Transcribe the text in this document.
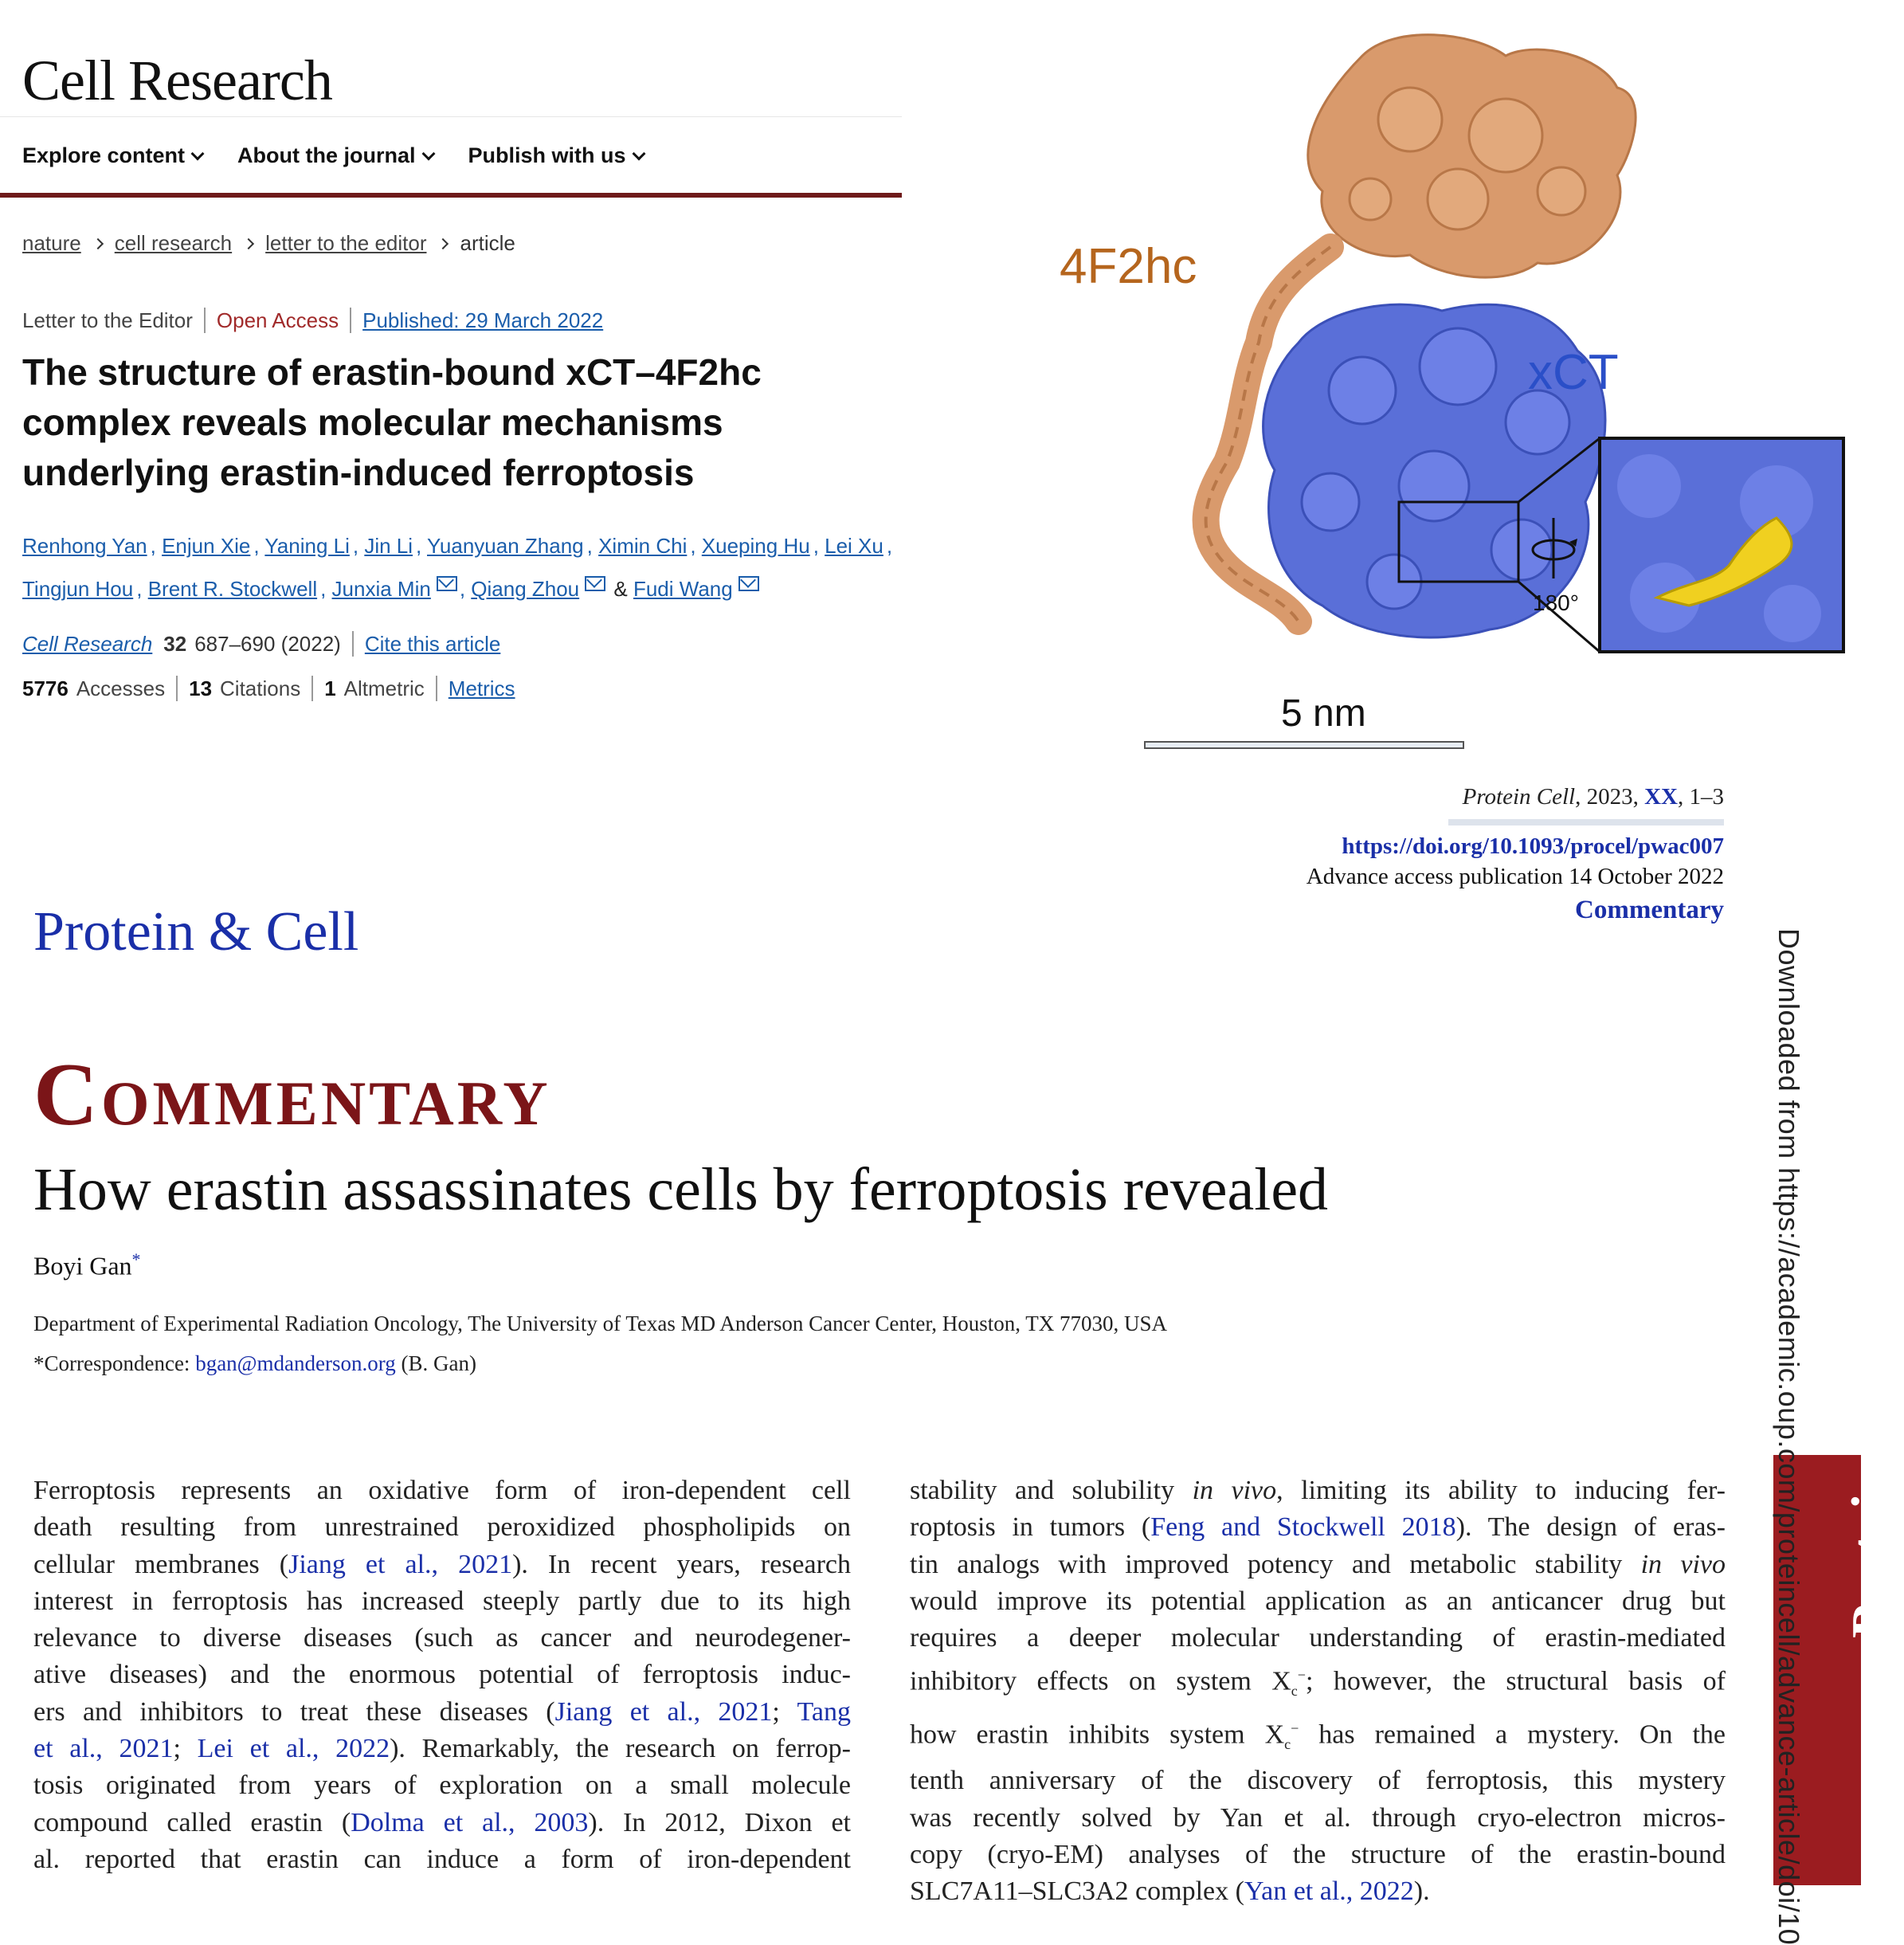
Cell Research
Explore content About the journal Publish with us
nature cell research letter to the editor article
Letter to the Editor Open Access Published: 29 March 2022
The structure of erastin-bound xCT–4F2hc
complex reveals molecular mechanisms
underlying erastin-induced ferroptosis
Renhong Yan , Enjun Xie , Yaning Li , Jin Li , Yuanyuan Zhang , Ximin Chi , Xueping Hu , Lei Xu ,
Tingjun Hou , Brent R. Stockwell , Junxia Min , Qiang Zhou & Fudi Wang
Cell Research 32 687–690 (2022) Cite this article
5776 Accesses 13 Citations 1 Altmetric Metrics
4F2hc
xCT
180°
5 nm
Protein Cell, 2023, XX, 1–3
https://doi.org/10.1093/procel/pwac007
Advance access publication 14 October 2022
Commentary
Protein & Cell
Commentary
How erastin assassinates cells by ferroptosis revealed
Boyi Gan*
Department of Experimental Radiation Oncology, The University of Texas MD Anderson Cancer Center, Houston, TX 77030, USA
*Correspondence: bgan@mdanderson.org (B. Gan)
Ferroptosis represents an oxidative form of iron-dependent cell
death resulting from unrestrained peroxidized phospholipids on
cellular membranes (Jiang et al., 2021). In recent years, research
interest in ferroptosis has increased steeply partly due to its high
relevance to diverse diseases (such as cancer and neurodegener-
ative diseases) and the enormous potential of ferroptosis induc-
ers and inhibitors to treat these diseases (Jiang et al., 2021; Tang
et al., 2021; Lei et al., 2022). Remarkably, the research on ferrop-
tosis originated from years of exploration on a small molecule
compound called erastin (Dolma et al., 2003). In 2012, Dixon et
al. reported that erastin can induce a form of iron-dependent
stability and solubility in vivo, limiting its ability to inducing fer-
roptosis in tumors (Feng and Stockwell 2018). The design of eras-
tin analogs with improved potency and metabolic stability in vivo
would improve its potential application as an anticancer drug but
requires a deeper molecular understanding of erastin-mediated
inhibitory effects on system $X_c^-$; however, the structural basis of
how erastin inhibits system $X_c^-$ has remained a mystery. On the
tenth anniversary of the discovery of ferroptosis, this mystery
was recently solved by Yan et al. through cryo-electron micros-
copy (cryo-EM) analyses of the structure of the erastin-bound
SLC7A11–SLC3A2 complex (Yan et al., 2022).
Protein & Cell
Downloaded from https://academic.oup.com/proteincell/advance-article/doi/10
